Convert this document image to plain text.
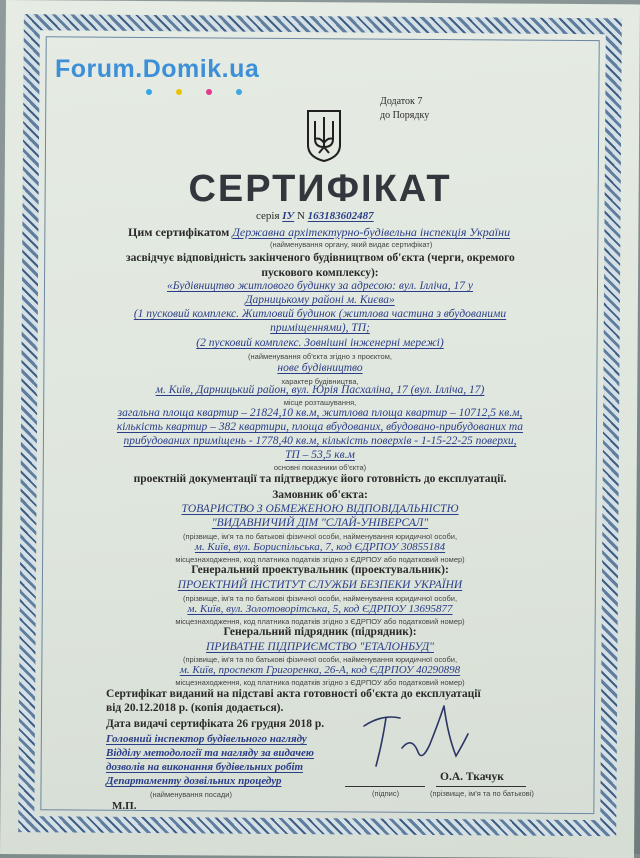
Forum.Domik.ua
Додаток 7
до Порядку
СЕРТИФІКАТ
серія ІУ N 163183602487
Цим сертифікатом Державна архітектурно-будівельна інспекція України
(найменування органу, який видає сертифікат)
засвідчує відповідність закінченого будівництвом об'єкта (черги, окремого
пускового комплексу):
«Будівництво житлового будинку за адресою: вул. Ілліча, 17 у
Дарницькому районі м. Києва»
(1 пусковий комплекс. Житловий будинок (житлова частина з вбудованими
приміщеннями), ТП;
(2 пусковий комплекс. Зовнішні інженерні мережі)
(найменування об'єкта згідно з проєктом,
нове будівництво
характер будівництва,
м. Київ, Дарницький район, вул. Юрія Пасхаліна, 17 (вул. Ілліча, 17)
місце розташування,
загальна площа квартир – 21824,10 кв.м, житлова площа квартир – 10712,5 кв.м,
кількість квартир – 382 квартири, площа вбудованих, вбудовано-прибудованих та
прибудованих приміщень - 1778,40 кв.м, кількість поверхів - 1-15-22-25 поверхи,
ТП – 53,5 кв.м
основні показники об'єкта)
проектній документації та підтверджує його готовність до експлуатації.
Замовник об'єкта:
ТОВАРИСТВО З ОБМЕЖЕНОЮ ВІДПОВІДАЛЬНІСТЮ
"ВИДАВНИЧИЙ ДІМ "СЛАЙ-УНІВЕРСАЛ"
(прізвище, ім'я та по батькові фізичної особи, найменування юридичної особи,
м. Київ, вул. Бориспільська, 7, код ЄДРПОУ 30855184
місцезнаходження, код платника податків згідно з ЄДРПОУ або податковий номер)
Генеральний проектувальник (проектувальник):
ПРОЕКТНИЙ ІНСТИТУТ СЛУЖБИ БЕЗПЕКИ УКРАЇНИ
(прізвище, ім'я та по батькові фізичної особи, найменування юридичної особи,
м. Київ, вул. Золотоворітська, 5, код ЄДРПОУ 13695877
місцезнаходження, код платника податків згідно з ЄДРПОУ або податковий номер)
Генеральний підрядник (підрядник):
ПРИВАТНЕ ПІДПРИЄМСТВО "ЕТАЛОНБУД"
(прізвище, ім'я та по батькові фізичної особи, найменування юридичної особи,
м. Київ, проспект Григоренка, 26-А, код ЄДРПОУ 40290898
місцезнаходження, код платника податків згідно з ЄДРПОУ або податковий номер)
Сертифікат виданий на підставі акта готовності об'єкта до експлуатації
від 20.12.2018 р. (копія додається).
Дата видачі сертифіката 26 грудня 2018 р.
Головний інспектор будівельного нагляду
Відділу методології та нагляду за видачею
дозволів на виконання будівельних робіт
Департаменту дозвільних процедур
(найменування посади)	(підпис)
О.А. Ткачук
(прізвище, ім'я та по батькові)
М.П.
